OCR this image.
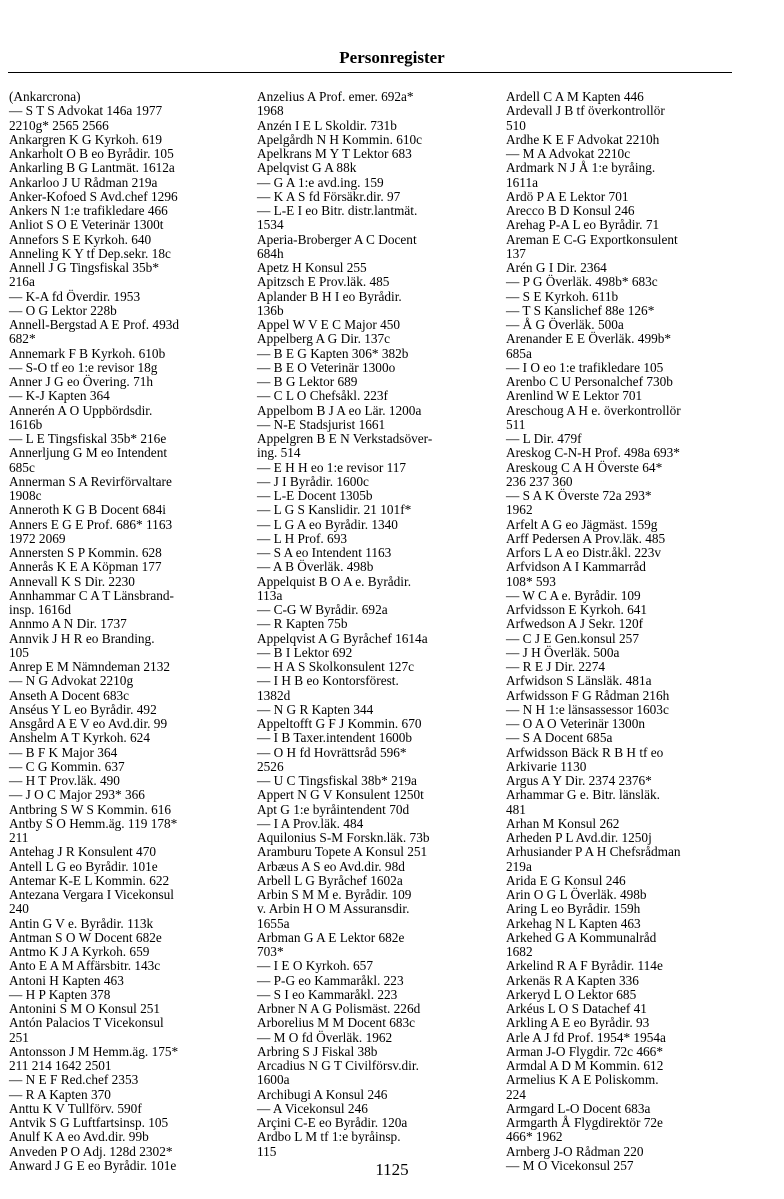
Personregister
(Ankarcrona)
— S T S Advokat 146a 1977
2210g* 2565 2566
Ankargren K G Kyrkoh. 619
Ankarholt O B eo Byrådir. 105
Ankarling B G Lantmät. 1612a
Ankarloo J U Rådman 219a
Anker-Kofoed S Avd.chef 1296
Ankers N 1:e trafikledare 466
Anliot S O E Veterinär 1300t
Annefors S E Kyrkoh. 640
Anneling K Y tf Dep.sekr. 18c
Annell J G Tingsfiskal 35b*
216a
— K-A fd Överdir. 1953
— O G Lektor 228b
Annell-Bergstad A E Prof. 493d
682*
Annemark F B Kyrkoh. 610b
— S-O tf eo 1:e revisor 18g
Anner J G eo Övering. 71h
— K-J Kapten 364
Annerén A O Uppbördsdir.
1616b
— L E Tingsfiskal 35b* 216e
Annerljung G M eo Intendent
685c
Annerman S A Revirförvaltare
1908c
Anneroth K G B Docent 684i
Anners E G E Prof. 686* 1163
1972 2069
Annersten S P Kommin. 628
Annerås K E A Köpman 177
Annevall K S Dir. 2230
Annhammar C A T Länsbrand-
insp. 1616d
Annmo A N Dir. 1737
Annvik J H R eo Branding.
105
Anrep E M Nämndeman 2132
— N G Advokat 2210g
Anseth A Docent 683c
Anséus Y L eo Byrådir. 492
Ansgård A E V eo Avd.dir. 99
Anshelm A T Kyrkoh. 624
— B F K Major 364
— C G Kommin. 637
— H T Prov.läk. 490
— J O C Major 293* 366
Antbring S W S Kommin. 616
Antby S O Hemm.äg. 119 178*
211
Antehag J R Konsulent 470
Antell L G eo Byrådir. 101e
Antemar K-E L Kommin. 622
Antezana Vergara I Vicekonsul
240
Antin G V e. Byrådir. 113k
Antman S O W Docent 682e
Antmo K J A Kyrkoh. 659
Anto E A M Affärsbitr. 143c
Antoni H Kapten 463
— H P Kapten 378
Antonini S M O Konsul 251
Antón Palacios T Vicekonsul
251
Antonsson J M Hemm.äg. 175*
211 214 1642 2501
— N E F Red.chef 2353
— R A Kapten 370
Anttu K V Tullförv. 590f
Antvik S G Luftfartsinsp. 105
Anulf K A eo Avd.dir. 99b
Anveden P O Adj. 128d 2302*
Anward J G E eo Byrådir. 101e
Anzelius A Prof. emer. 692a*
1968
Anzén I E L Skoldir. 731b
Apelgårdh N H Kommin. 610c
Apelkrans M Y T Lektor 683
Apelqvist G A 88k
— G A 1:e avd.ing. 159
— K A S fd Försäkr.dir. 97
— L-E I eo Bitr. distr.lantmät.
1534
Aperia-Broberger A C Docent
684h
Apetz H Konsul 255
Apitzsch E Prov.läk. 485
Aplander B H I eo Byrådir.
136b
Appel W V E C Major 450
Appelberg A G Dir. 137c
— B E G Kapten 306* 382b
— B E O Veterinär 1300o
— B G Lektor 689
— C L O Chefsåkl. 223f
Appelbom B J A eo Lär. 1200a
— N-E Stadsjurist 1661
Appelgren B E N Verkstadsöver-
ing. 514
— E H H eo 1:e revisor 117
— J I Byrådir. 1600c
— L-E Docent 1305b
— L G S Kanslidir. 21 101f*
— L G A eo Byrådir. 1340
— L H Prof. 693
— S A eo Intendent 1163
— A B Överläk. 498b
Appelquist B O A e. Byrådir.
113a
— C-G W Byrådir. 692a
— R Kapten 75b
Appelqvist A G Byråchef 1614a
— B I Lektor 692
— H A S Skolkonsulent 127c
— I H B eo Kontorsförest.
1382d
— N G R Kapten 344
Appeltofft G F J Kommin. 670
— I B Taxer.intendent 1600b
— O H fd Hovrättsråd 596*
2526
— U C Tingsfiskal 38b* 219a
Appert N G V Konsulent 1250t
Apt G 1:e byråintendent 70d
— I A Prov.läk. 484
Aquilonius S-M Forskn.läk. 73b
Aramburu Topete A Konsul 251
Arbæus A S eo Avd.dir. 98d
Arbell L G Byråchef 1602a
Arbin S M M e. Byrådir. 109
v. Arbin H O M Assuransdir.
1655a
Arbman G A E Lektor 682e
703*
— I E O Kyrkoh. 657
— P-G eo Kammaråkl. 223
— S I eo Kammaråkl. 223
Arbner N A G Polismäst. 226d
Arborelius M M Docent 683c
— M O fd Överläk. 1962
Arbring S J Fiskal 38b
Arcadius N G T Civilförsv.dir.
1600a
Archibugi A Konsul 246
— A Vicekonsul 246
Arçini C-E eo Byrådir. 120a
Ardbo L M tf 1:e byråinsp.
115
Ardell C A M Kapten 446
Ardevall J B tf överkontrollör
510
Ardhe K E F Advokat 2210h
— M A Advokat 2210c
Ardmark N J Å 1:e byråing.
1611a
Ardö P A E Lektor 701
Arecco B D Konsul 246
Arehag P-A L eo Byrådir. 71
Areman E C-G Exportkonsulent
137
Arén G I Dir. 2364
— P G Överläk. 498b* 683c
— S E Kyrkoh. 611b
— T S Kanslichef 88e 126*
— Å G Överläk. 500a
Arenander E E Överläk. 499b*
685a
— I O eo 1:e trafikledare 105
Arenbo C U Personalchef 730b
Arenlind W E Lektor 701
Areschoug A H e. överkontrollör
511
— L Dir. 479f
Areskog C-N-H Prof. 498a 693*
Areskoug C A H Överste 64*
236 237 360
— S A K Överste 72a 293*
1962
Arfelt A G eo Jägmäst. 159g
Arff Pedersen A Prov.läk. 485
Arfors L A eo Distr.åkl. 223v
Arfvidson A I Kammarråd
108* 593
— W C A e. Byrådir. 109
Arfvidsson E Kyrkoh. 641
Arfwedson A J Sekr. 120f
— C J E Gen.konsul 257
— J H Överläk. 500a
— R E J Dir. 2274
Arfwidson S Länsläk. 481a
Arfwidsson F G Rådman 216h
— N H 1:e länsassessor 1603c
— O A O Veterinär 1300n
— S A Docent 685a
Arfwidsson Bäck R B H tf eo
Arkivarie 1130
Argus A Y Dir. 2374 2376*
Arhammar G e. Bitr. länsläk.
481
Arhan M Konsul 262
Arheden P L Avd.dir. 1250j
Arhusiander P A H Chefsrådman
219a
Arida E G Konsul 246
Arin O G L Överläk. 498b
Aring L eo Byrådir. 159h
Arkehag N L Kapten 463
Arkehed G A Kommunalråd
1682
Arkelind R A F Byrådir. 114e
Arkenäs R A Kapten 336
Arkeryd L O Lektor 685
Arkéus L O S Datachef 41
Arkling A E eo Byrådir. 93
Arle A J fd Prof. 1954* 1954a
Arman J-O Flygdir. 72c 466*
Armdal A D M Kommin. 612
Armelius K A E Poliskomm.
224
Armgard L-O Docent 683a
Armgarth Å Flygdirektör 72e
466* 1962
Arnberg J-O Rådman 220
— M O Vicekonsul 257
1125
